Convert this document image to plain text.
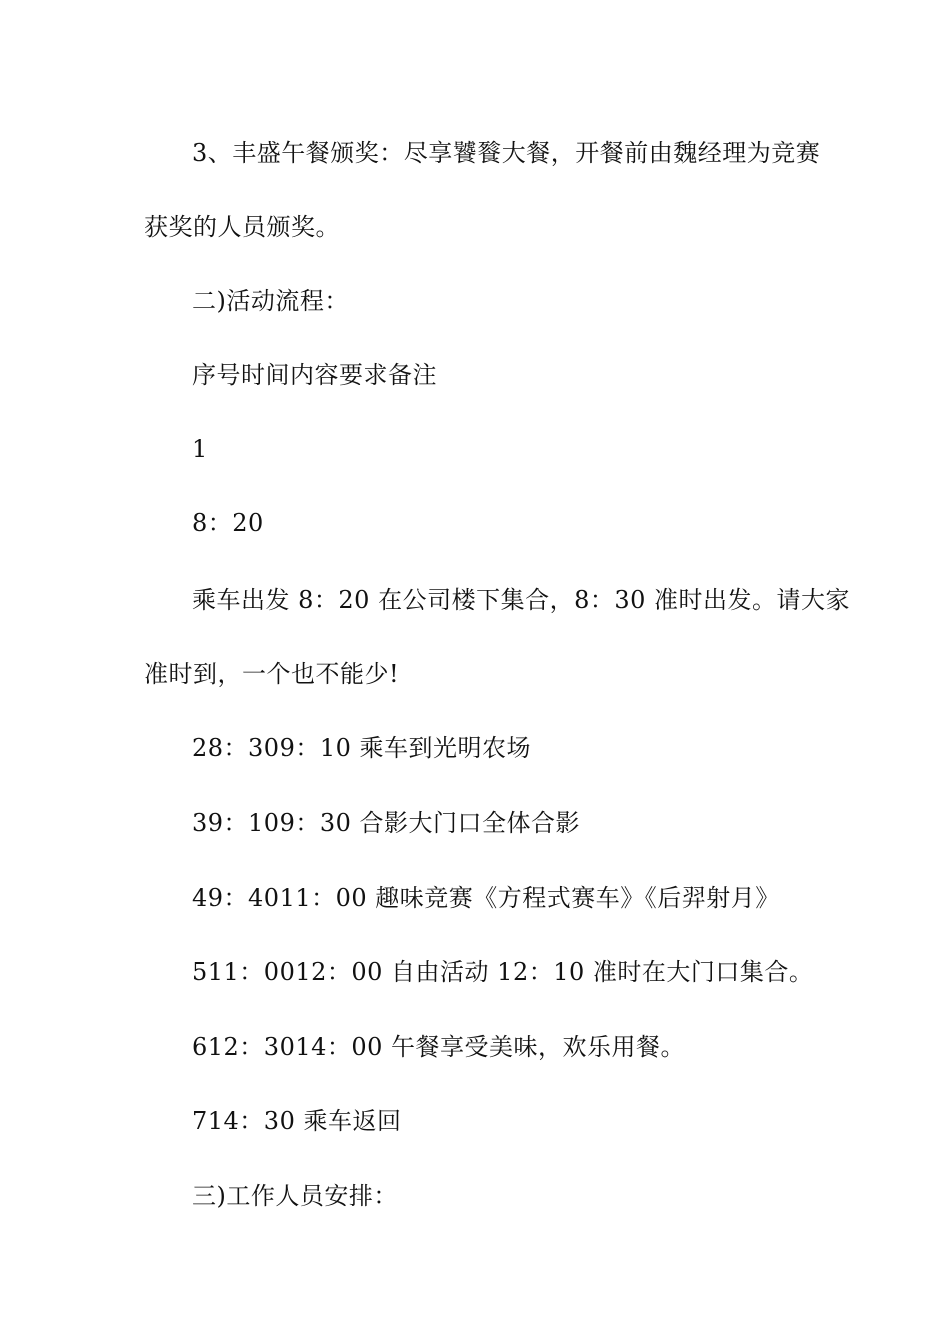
3、丰盛午餐颁奖：尽享饕餮大餐，开餐前由魏经理为竞赛
获奖的人员颁奖。
二)活动流程：
序号时间内容要求备注
1
8：20
乘车出发 8：20 在公司楼下集合，8：30 准时出发。请大家
准时到，一个也不能少!
28：309：10 乘车到光明农场
39：109：30 合影大门口全体合影
49：4011：00 趣味竞赛《方程式赛车》《后羿射月》
511：0012：00 自由活动 12：10 准时在大门口集合。
612：3014：00 午餐享受美味，欢乐用餐。
714：30 乘车返回
三)工作人员安排：
